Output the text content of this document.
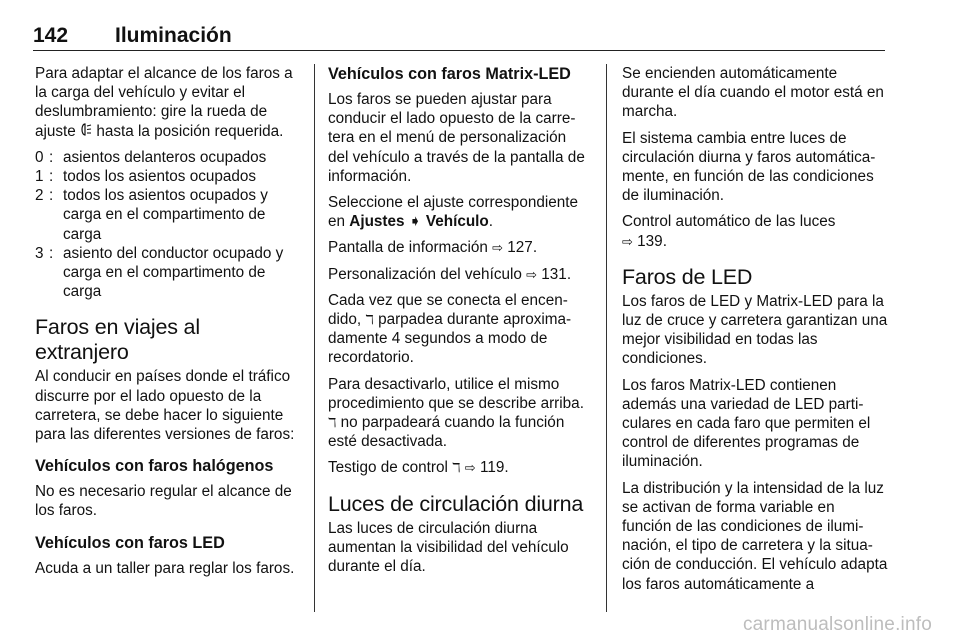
142 Iluminación

Para adaptar el alcance de los faros a la carga del vehículo y evitar el deslumbramiento: gire la rueda de ajuste hasta la posición requerida.

0 : asientos delanteros ocupados
1 : todos los asientos ocupados
2 : todos los asientos ocupados y carga en el compartimento de carga
3 : asiento del conductor ocupado y carga en el compartimento de carga
Faros en viajes al extranjero

Al conducir en países donde el tráfico discurre por el lado opuesto de la carretera, se debe hacer lo siguiente para las diferentes versiones de faros:

Vehículos con faros halógenos

No es necesario regular el alcance de los faros.

Vehículos con faros LED

Acuda a un taller para reglar los faros.

Vehículos con faros Matrix-LED

Los faros se pueden ajustar para conducir el lado opuesto de la carretera en el menú de personalización del vehículo a través de la pantalla de información.

Seleccione el ajuste correspondiente en Ajustes ➧ Vehículo.

Pantalla de información ⇨ 127.

Personalización del vehículo ⇨ 131.

Cada vez que se conecta el encendido, ℸ parpadea durante aproximadamente 4 segundos a modo de recordatorio.

Para desactivarlo, utilice el mismo procedimiento que se describe arriba. ℸ no parpadeará cuando la función esté desactivada.

Testigo de control ℸ ⇨ 119.

Luces de circulación diurna

Las luces de circulación diurna aumentan la visibilidad del vehículo durante el día.

Se encienden automáticamente durante el día cuando el motor está en marcha.

El sistema cambia entre luces de circulación diurna y faros automáticamente, en función de las condiciones de iluminación.

Control automático de las luces
⇨ 139.

Faros de LED

Los faros de LED y Matrix-LED para la luz de cruce y carretera garantizan una mejor visibilidad en todas las condiciones.

Los faros Matrix-LED contienen además una variedad de LED particulares en cada faro que permiten el control de diferentes programas de iluminación.

La distribución y la intensidad de la luz se activan de forma variable en función de las condiciones de iluminación, el tipo de carretera y la situación de conducción. El vehículo adapta los faros automáticamente a

carmanualsonline.info
